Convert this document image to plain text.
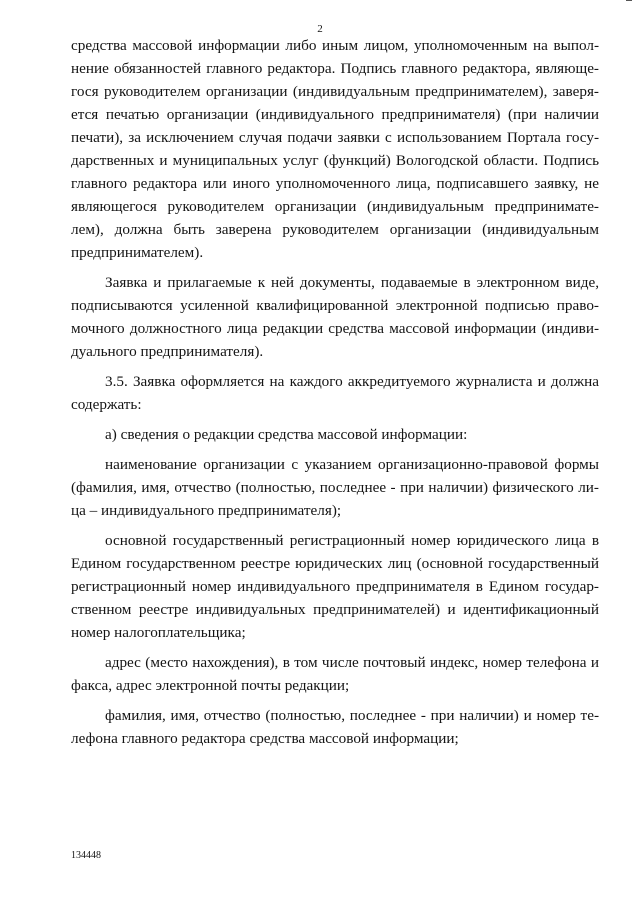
2
средства массовой информации либо иным лицом, уполномоченным на выпол-
нение обязанностей главного редактора. Подпись главного редактора, являюще-
гося руководителем организации (индивидуальным предпринимателем), заверя-
ется печатью организации (индивидуального предпринимателя) (при наличии
печати), за исключением случая подачи заявки с использованием Портала госу-
дарственных и муниципальных услуг (функций) Вологодской области. Подпись
главного редактора или иного уполномоченного лица, подписавшего заявку, не
являющегося руководителем организации (индивидуальным предпринимате-
лем), должна быть заверена руководителем организации (индивидуальным
предпринимателем).
Заявка и прилагаемые к ней документы, подаваемые в электронном виде,
подписываются усиленной квалифицированной электронной подписью право-
мочного должностного лица редакции средства массовой информации (индиви-
дуального предпринимателя).
3.5. Заявка оформляется на каждого аккредитуемого журналиста и должна
содержать:
а) сведения о редакции средства массовой информации:
наименование организации с указанием организационно-правовой формы
(фамилия, имя, отчество (полностью, последнее - при наличии) физического ли-
ца – индивидуального предпринимателя);
основной государственный регистрационный номер юридического лица в
Едином государственном реестре юридических лиц (основной государственный
регистрационный номер индивидуального предпринимателя в Едином государ-
ственном реестре индивидуальных предпринимателей) и идентификационный
номер налогоплательщика;
адрес (место нахождения), в том числе почтовый индекс, номер телефона и
факса, адрес электронной почты редакции;
фамилия, имя, отчество (полностью, последнее - при наличии) и номер те-
лефона главного редактора средства массовой информации;
134448
